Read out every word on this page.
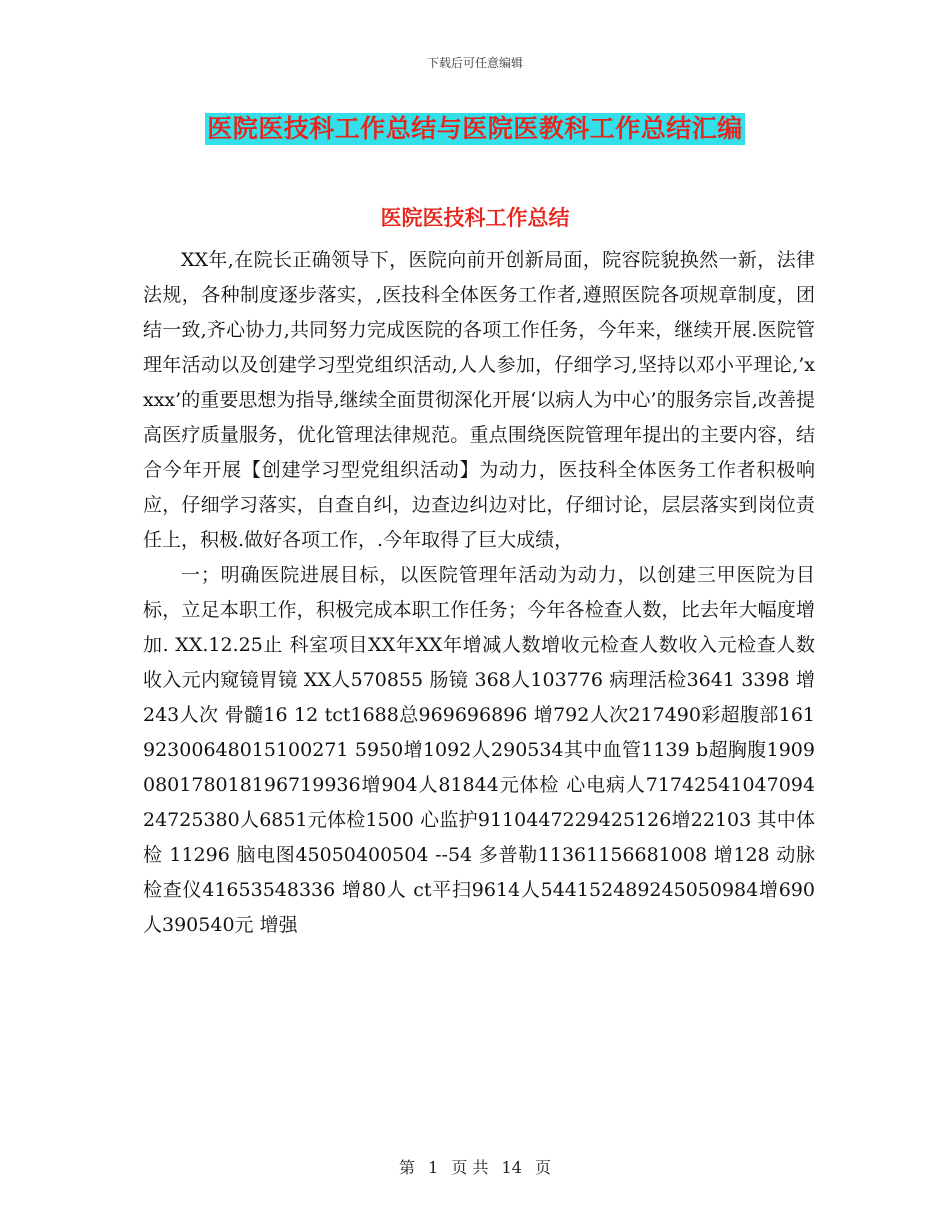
下载后可任意编辑
医院医技科工作总结与医院医教科工作总结汇编
医院医技科工作总结

XX年,在院长正确领导下，医院向前开创新局面，院容院貌换然一新，法律法规，各种制度逐步落实，,医技科全体医务工作者,遵照医院各项规章制度，团结一致,齐心协力,共同努力完成医院的各项工作任务，今年来，继续开展.医院管理年活动以及创建学习型党组织活动,人人参加，仔细学习,坚持以邓小平理论,’xxxx’的重要思想为指导,继续全面贯彻深化开展‘以病人为中心’的服务宗旨,改善提高医疗质量服务，优化管理法律规范。重点围绕医院管理年提出的主要内容，结合今年开展【创建学习型党组织活动】为动力，医技科全体医务工作者积极响应，仔细学习落实，自查自纠，边查边纠边对比，仔细讨论，层层落实到岗位责任上，积极.做好各项工作，.今年取得了巨大成绩，

一；明确医院进展目标，以医院管理年活动为动力，以创建三甲医院为目标，立足本职工作，积极完成本职工作任务；今年各检查人数，比去年大幅度增加. XX.12.25止 科室项目XX年XX年增减人数增收元检查人数收入元检查人数收入元内窥镜胃镜 XX人570855 肠镜 368人103776 病理活检3641 3398 增243人次 骨髓16 12 tct1688总969696896 增792人次217490彩超腹部16192300648015100271 5950增1092人290534其中血管1139 b超胸腹1909080178018196719936增904人81844元体检 心电病人7174254104709424725380人6851元体检1500 心监护9110447229425126增22103 其中体检 11296 脑电图45050400504 --54 多普勒11361156681008 增128 动脉检查仪41653548336 增80人 ct平扫9614人544152489245050984增690人390540元 增强

第 1 页 共 14 页
